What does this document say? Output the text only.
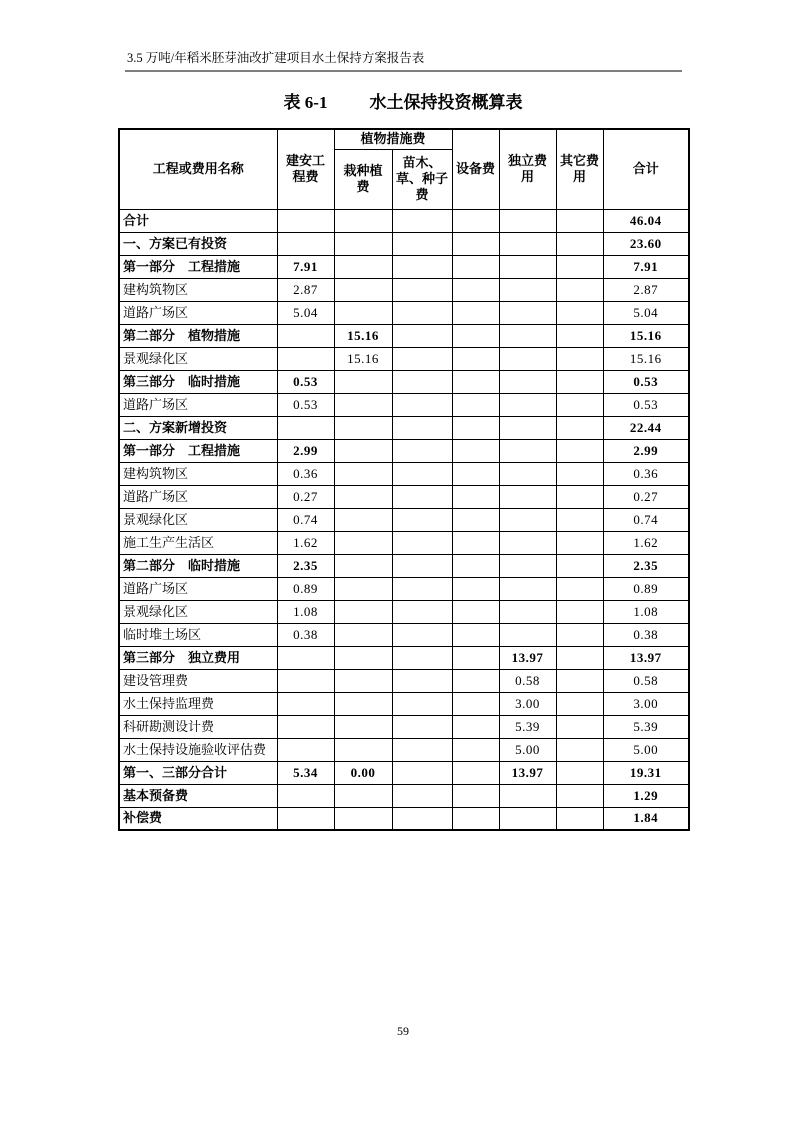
3.5 万吨/年稻米胚芽油改扩建项目水土保持方案报告表
表 6-1 水土保持投资概算表
工程或费用名称	建安工程费	植物措施费		设备费	独立费用	其它费用	合计
		栽种植费	苗木、草、种子费				
合计							46.04
一、方案已有投资							23.60
第一部分　工程措施	7.91						7.91
建构筑物区	2.87						2.87
道路广场区	5.04						5.04
第二部分　植物措施		15.16					15.16
景观绿化区		15.16					15.16
第三部分　临时措施	0.53						0.53
道路广场区	0.53						0.53
二、方案新增投资							22.44
第一部分　工程措施	2.99						2.99
建构筑物区	0.36						0.36
道路广场区	0.27						0.27
景观绿化区	0.74						0.74
施工生产生活区	1.62						1.62
第二部分　临时措施	2.35						2.35
道路广场区	0.89						0.89
景观绿化区	1.08						1.08
临时堆土场区	0.38						0.38
第三部分　独立费用					13.97		13.97
建设管理费					0.58		0.58
水土保持监理费					3.00		3.00
科研勘测设计费					5.39		5.39
水土保持设施验收评估费					5.00		5.00
第一、三部分合计	5.34	0.00			13.97		19.31
基本预备费							1.29
补偿费							1.84
59
